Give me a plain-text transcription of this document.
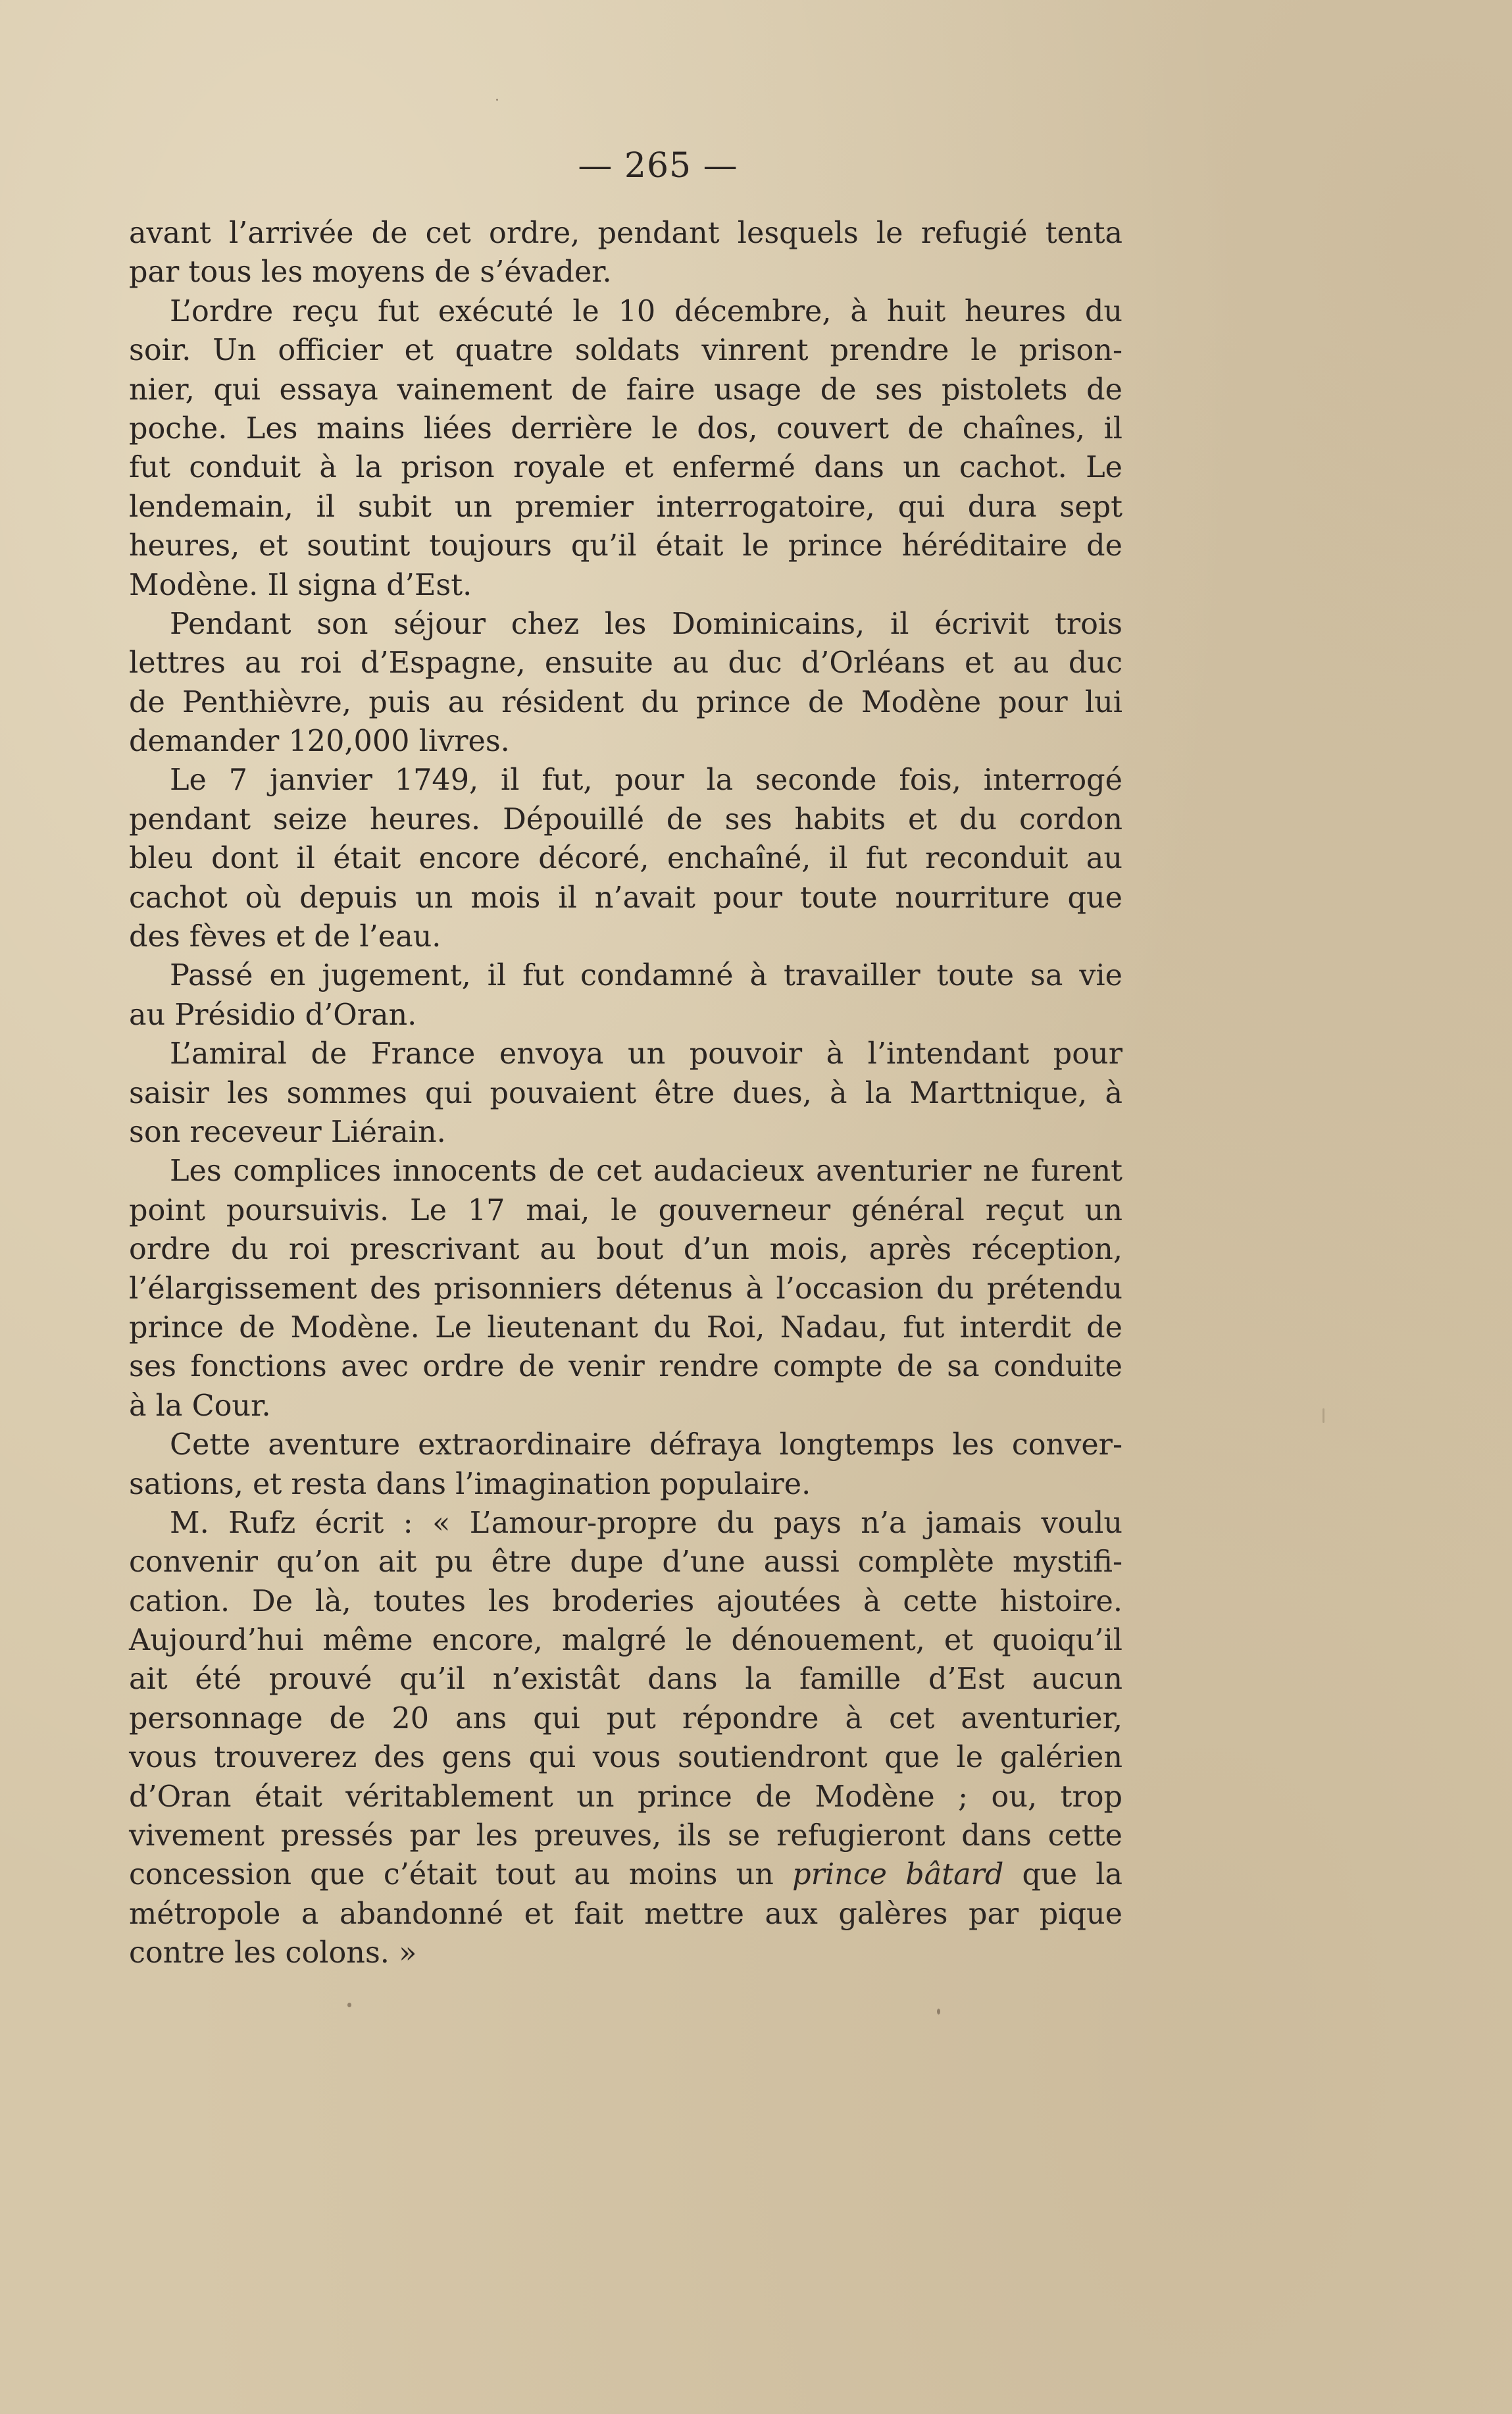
— 265 —
avant l’arrivée de cet ordre, pendant lesquels le refugié tenta
par tous les moyens de s’évader.
L’ordre reçu fut exécuté le 10 décembre, à huit heures du
soir. Un officier et quatre soldats vinrent prendre le prison-
nier, qui essaya vainement de faire usage de ses pistolets de
poche. Les mains liées derrière le dos, couvert de chaînes, il
fut conduit à la prison royale et enfermé dans un cachot. Le
lendemain, il subit un premier interrogatoire, qui dura sept
heures, et soutint toujours qu’il était le prince héréditaire de
Modène. Il signa d’Est.
Pendant son séjour chez les Dominicains, il écrivit trois
lettres au roi d’Espagne, ensuite au duc d’Orléans et au duc
de Penthièvre, puis au résident du prince de Modène pour lui
demander 120,000 livres.
Le 7 janvier 1749, il fut, pour la seconde fois, interrogé
pendant seize heures. Dépouillé de ses habits et du cordon
bleu dont il était encore décoré, enchaîné, il fut reconduit au
cachot où depuis un mois il n’avait pour toute nourriture que
des fèves et de l’eau.
Passé en jugement, il fut condamné à travailler toute sa vie
au Présidio d’Oran.
L’amiral de France envoya un pouvoir à l’intendant pour
saisir les sommes qui pouvaient être dues, à la Marttnique, à
son receveur Liérain.
Les complices innocents de cet audacieux aventurier ne furent
point poursuivis. Le 17 mai, le gouverneur général reçut un
ordre du roi prescrivant au bout d’un mois, après réception,
l’élargissement des prisonniers détenus à l’occasion du prétendu
prince de Modène. Le lieutenant du Roi, Nadau, fut interdit de
ses fonctions avec ordre de venir rendre compte de sa conduite
à la Cour.
Cette aventure extraordinaire défraya longtemps les conver-
sations, et resta dans l’imagination populaire.
M. Rufz écrit : « L’amour-propre du pays n’a jamais voulu
convenir qu’on ait pu être dupe d’une aussi complète mystifi-
cation. De là, toutes les broderies ajoutées à cette histoire.
Aujourd’hui même encore, malgré le dénouement, et quoiqu’il
ait été prouvé qu’il n’existât dans la famille d’Est aucun
personnage de 20 ans qui put répondre à cet aventurier,
vous trouverez des gens qui vous soutiendront que le galérien
d’Oran était véritablement un prince de Modène ; ou, trop
vivement pressés par les preuves, ils se refugieront dans cette
concession que c’était tout au moins un prince bâtard que la
métropole a abandonné et fait mettre aux galères par pique
contre les colons. »
